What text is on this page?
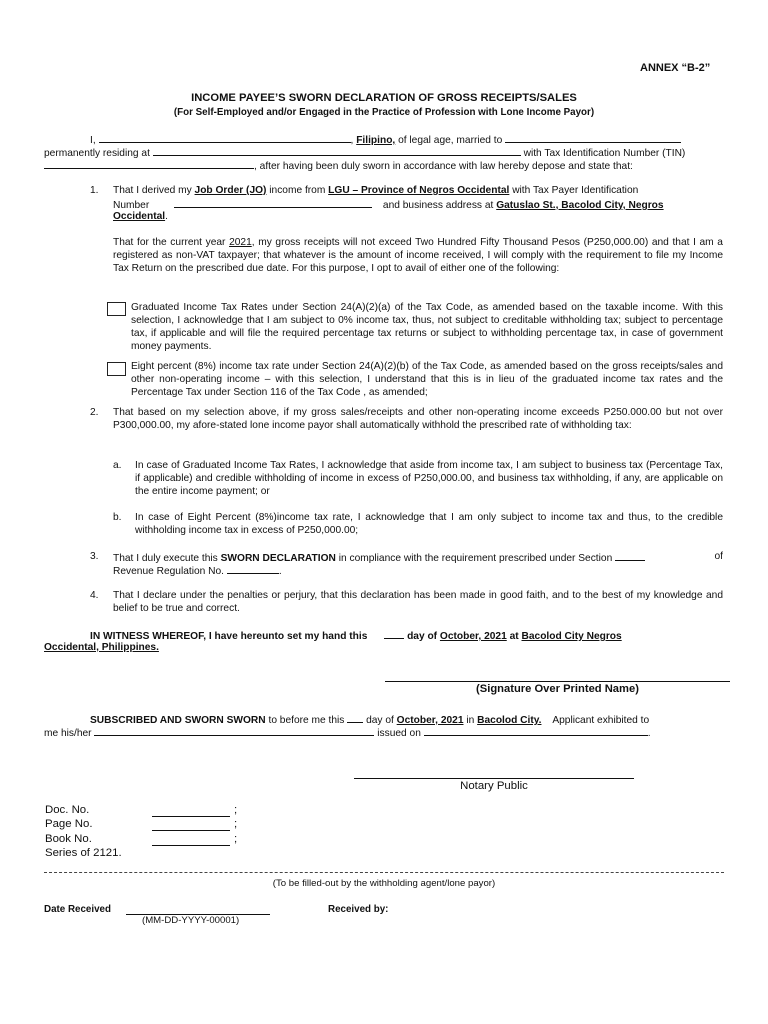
ANNEX “B-2”
INCOME PAYEE’S SWORN DECLARATION OF GROSS RECEIPTS/SALES
(For Self-Employed and/or Engaged in the Practice of Profession with Lone Income Payor)
I,	, Filipino, of legal age, married to
permanently residing at	with Tax Identification Number (TIN)
, after having been duly sworn in accordance with law hereby depose and state that:
1.	That I derived my Job Order (JO) income from LGU – Province of Negros Occidental with Tax Payer Identification
Number	and business address at Gatuslao St., Bacolod City, Negros
Occidental.
That for the current year 2021, my gross receipts will not exceed Two Hundred Fifty Thousand Pesos (P250,000.00) and that I am a registered as non-VAT taxpayer; that whatever is the amount of income received, I will comply with the requirement to file my Income Tax Return on the prescribed due date. For this purpose, I opt to avail of either one of the following:
Graduated Income Tax Rates under Section 24(A)(2)(a) of the Tax Code, as amended based on the taxable income. With this selection, I acknowledge that I am subject to 0% income tax, thus, not subject to creditable withholding tax; subject to percentage tax, if applicable and will file the required percentage tax returns or subject to withholding percentage tax, in case of government money payments.
Eight percent (8%) income tax rate under Section 24(A)(2)(b) of the Tax Code, as amended based on the gross receipts/sales and other non-operating income – with this selection, I understand that this is in lieu of the graduated income tax rates and the Percentage Tax under Section 116 of the Tax Code , as amended;
2.	That based on my selection above, if my gross sales/receipts and other non-operating income exceeds P250.000.00 but not over P300,000.00, my afore-stated lone income payor shall automatically withhold the prescribed rate of withholding tax:
a. In case of Graduated Income Tax Rates, I acknowledge that aside from income tax, I am subject to business tax (Percentage Tax, if applicable) and credible withholding of income in excess of P250,000.00, and business tax withholding, if any, are applicable on the entire income payment; or
b. In case of Eight Percent (8%)income tax rate, I acknowledge that I am only subject to income tax and thus, to the credible withholding income tax in excess of P250,000.00;
3.	That I duly execute this SWORN DECLARATION in compliance with the requirement prescribed under Section	of
Revenue Regulation No.	.
4.	That I declare under the penalties or perjury, that this declaration has been made in good faith, and to the best of my knowledge and belief to be true and correct.
IN WITNESS WHEREOF, I have hereunto set my hand this	day of October, 2021 at Bacolod City Negros
Occidental, Philippines.
(Signature Over Printed Name)
SUBSCRIBED AND SWORN SWORN to before me this day of October, 2021 in Bacolod City. Applicant exhibited to
me his/her	issued on	.
Notary Public
Doc. No.	;
Page No.	;
Book No.	;
Series of 2121.
(To be filled-out by the withholding agent/lone payor)
Date Received
(MM-DD-YYYY-00001)
Received by:
